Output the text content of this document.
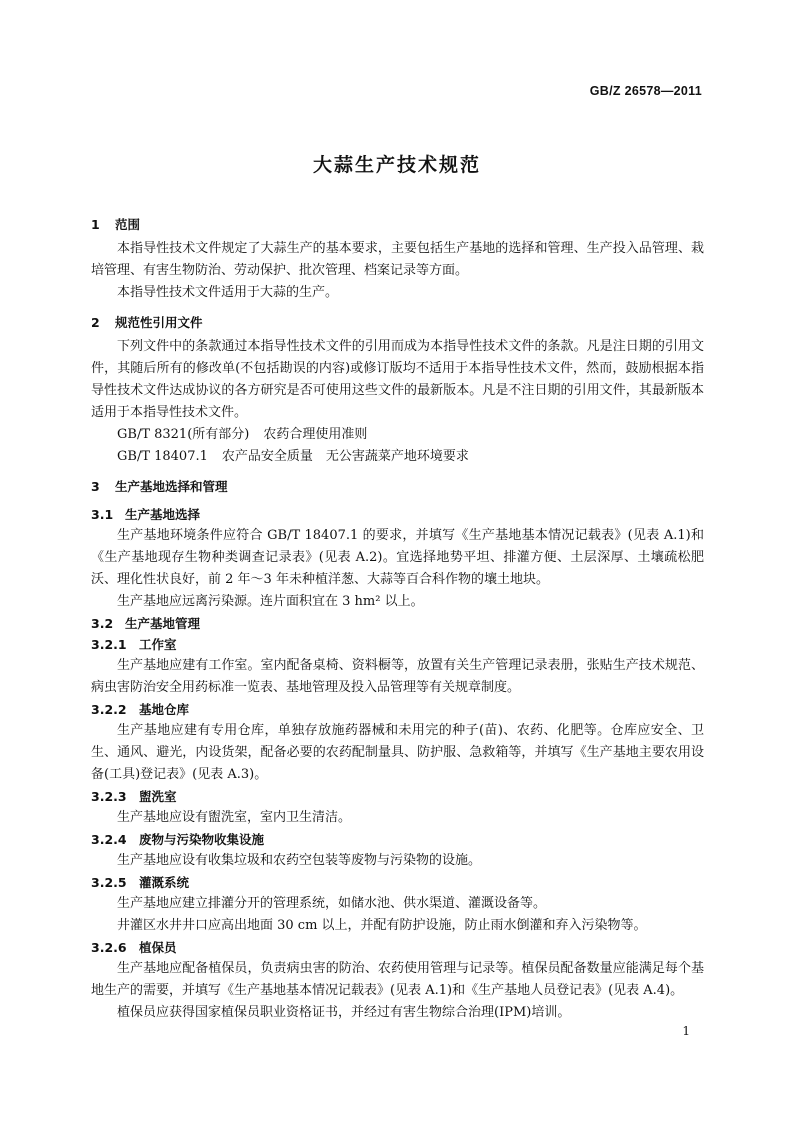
GB/Z 26578—2011
大蒜生产技术规范
1 范围

本指导性技术文件规定了大蒜生产的基本要求，主要包括生产基地的选择和管理、生产投入品管理、栽培管理、有害生物防治、劳动保护、批次管理、档案记录等方面。

本指导性技术文件适用于大蒜的生产。

2 规范性引用文件

下列文件中的条款通过本指导性技术文件的引用而成为本指导性技术文件的条款。凡是注日期的引用文件，其随后所有的修改单(不包括勘误的内容)或修订版均不适用于本指导性技术文件，然而，鼓励根据本指导性技术文件达成协议的各方研究是否可使用这些文件的最新版本。凡是不注日期的引用文件，其最新版本适用于本指导性技术文件。

GB/T 8321(所有部分) 农药合理使用准则
GB/T 18407.1 农产品安全质量　无公害蔬菜产地环境要求
3 生产基地选择和管理
3.1 生产基地选择

生产基地环境条件应符合 GB/T 18407.1 的要求，并填写《生产基地基本情况记载表》(见表 A.1)和《生产基地现存生物种类调查记录表》(见表 A.2)。宜选择地势平坦、排灌方便、土层深厚、土壤疏松肥沃、理化性状良好，前 2 年～3 年未种植洋葱、大蒜等百合科作物的壤土地块。

生产基地应远离污染源。连片面积宜在 3 hm² 以上。

3.2 生产基地管理
3.2.1 工作室

生产基地应建有工作室。室内配备桌椅、资料橱等，放置有关生产管理记录表册，张贴生产技术规范、病虫害防治安全用药标准一览表、基地管理及投入品管理等有关规章制度。

3.2.2 基地仓库

生产基地应建有专用仓库，单独存放施药器械和未用完的种子(苗)、农药、化肥等。仓库应安全、卫生、通风、避光，内设货架，配备必要的农药配制量具、防护服、急救箱等，并填写《生产基地主要农用设备(工具)登记表》(见表 A.3)。

3.2.3 盥洗室

生产基地应设有盥洗室，室内卫生清洁。

3.2.4 废物与污染物收集设施

生产基地应设有收集垃圾和农药空包装等废物与污染物的设施。

3.2.5 灌溉系统

生产基地应建立排灌分开的管理系统，如储水池、供水渠道、灌溉设备等。

井灌区水井井口应高出地面 30 cm 以上，并配有防护设施，防止雨水倒灌和弃入污染物等。

3.2.6 植保员

生产基地应配备植保员，负责病虫害的防治、农药使用管理与记录等。植保员配备数量应能满足每个基地生产的需要，并填写《生产基地基本情况记载表》(见表 A.1)和《生产基地人员登记表》(见表 A.4)。

植保员应获得国家植保员职业资格证书，并经过有害生物综合治理(IPM)培训。

1
